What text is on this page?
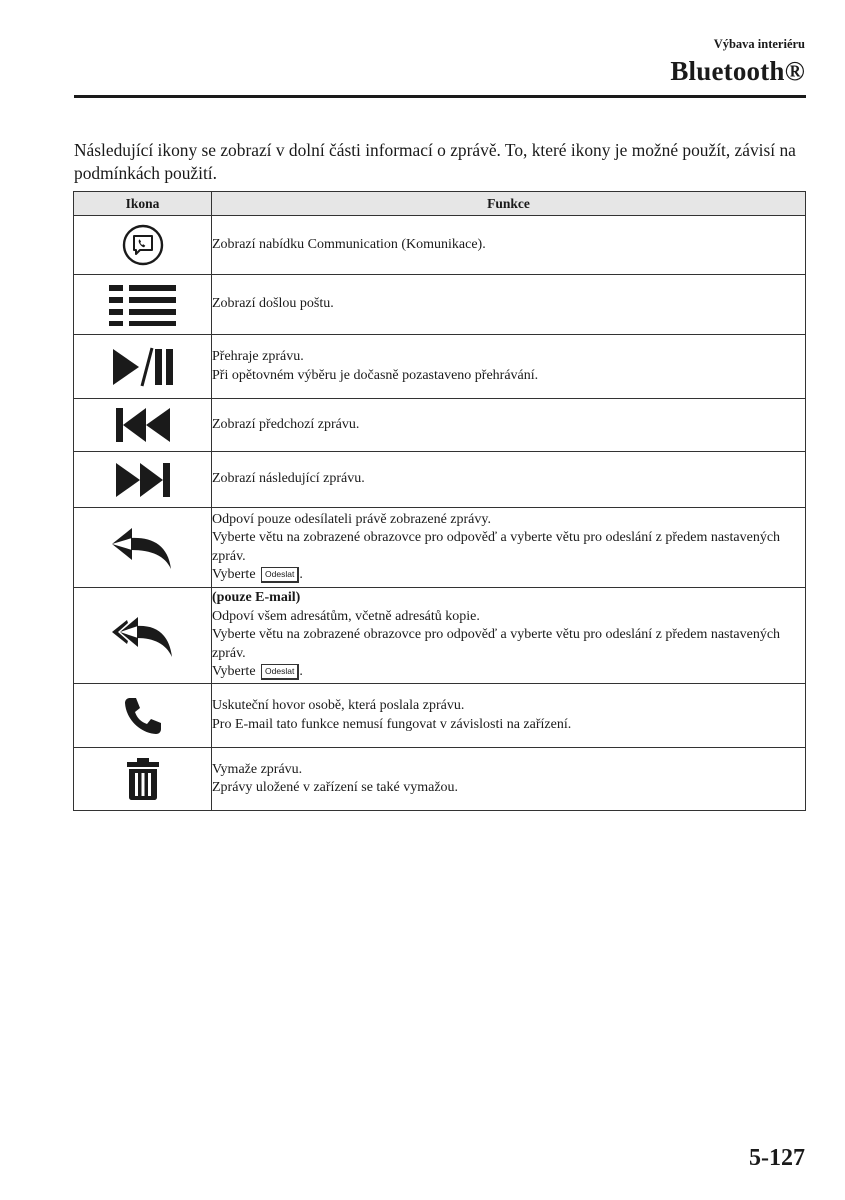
Výbava interiéru
Bluetooth®
Následující ikony se zobrazí v dolní části informací o zprávě. To, které ikony je možné použít, závisí na podmínkách použití.
Ikona	Funkce

Zobrazí nabídku Communication (Komunikace).

Zobrazí došlou poštu.

Přehraje zprávu.
Při opětovném výběru je dočasně pozastaveno přehrávání.

Zobrazí předchozí zprávu.

Zobrazí následující zprávu.

Odpoví pouze odesílateli právě zobrazené zprávy.
Vyberte větu na zobrazené obrazovce pro odpověď a vyberte větu pro odeslání z předem nastavených zpráv.
Vyberte Odeslat .

(pouze E-mail)
Odpoví všem adresátům, včetně adresátů kopie.
Vyberte větu na zobrazené obrazovce pro odpověď a vyberte větu pro odeslání z předem nastavených zpráv.
Vyberte Odeslat .

Uskuteční hovor osobě, která poslala zprávu.
Pro E-mail tato funkce nemusí fungovat v závislosti na zařízení.

Vymaže zprávu.
Zprávy uložené v zařízení se také vymažou.
5-127
